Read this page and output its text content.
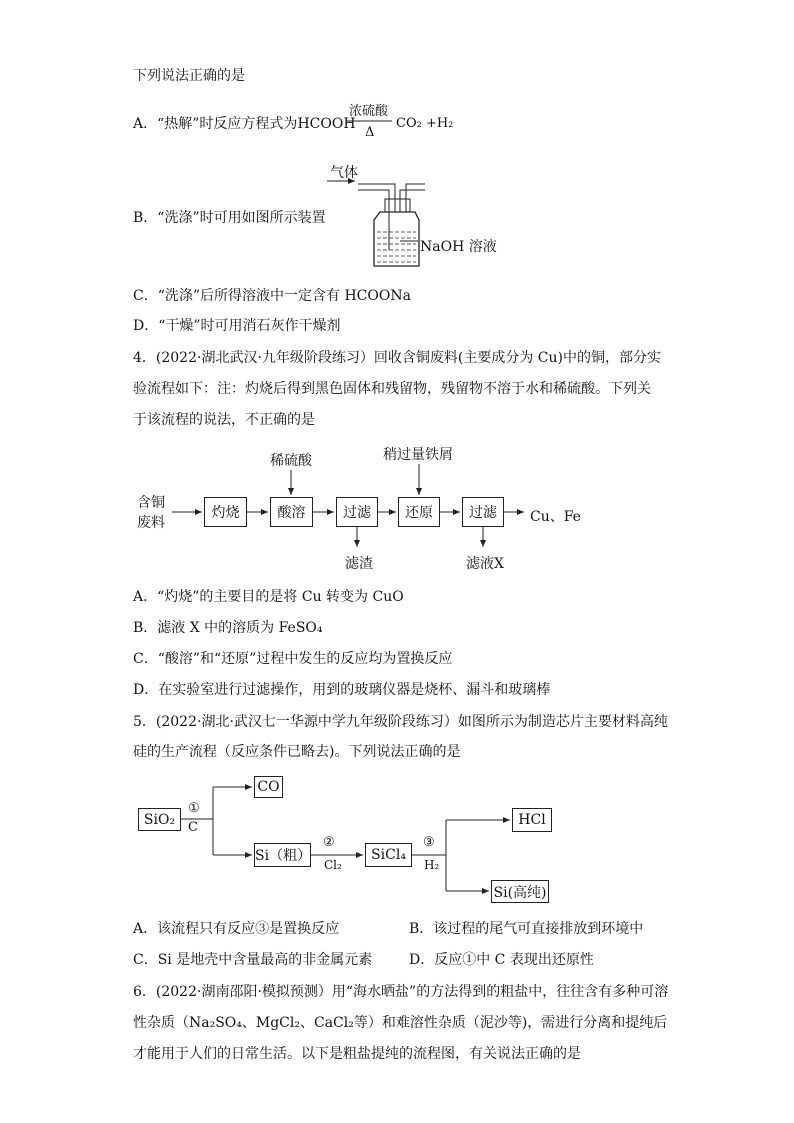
下列说法正确的是
A．“热解”时反应方程式为HCOOH
浓硫酸
Δ
CO₂ +H₂
B．“洗涤”时可用如图所示装置
气体
NaOH 溶液
C．“洗涤”后所得溶液中一定含有 HCOONa
D．“干燥”时可用消石灰作干燥剂
4．(2022·湖北武汉·九年级阶段练习）回收含铜废料(主要成分为 Cu)中的铜，部分实
验流程如下：注：灼烧后得到黑色固体和残留物，残留物不溶于水和稀硫酸。下列关
于该流程的说法，不正确的是
含铜
废料
灼烧	酸溶	过滤	还原	过滤
稀硫酸	稍过量铁屑
滤渣	滤液X
Cu、Fe
A．“灼烧”的主要目的是将 Cu 转变为 CuO
B．滤液 X 中的溶质为 FeSO₄
C．“酸溶”和“还原”过程中发生的反应均为置换反应
D．在实验室进行过滤操作，用到的玻璃仪器是烧杯、漏斗和玻璃棒
5．(2022·湖北·武汉七一华源中学九年级阶段练习）如图所示为制造芯片主要材料高纯
硅的生产流程（反应条件已略去)。下列说法正确的是
SiO₂
CO
Si（粗）	SiCl₄
HCl
Si(高纯)
①
C
②
Cl₂
③
H₂
A．该流程只有反应③是置换反应	B．该过程的尾气可直接排放到环境中
C．Si 是地壳中含量最高的非金属元素	D．反应①中 C 表现出还原性
6．(2022·湖南邵阳·模拟预测）用“海水晒盐”的方法得到的粗盐中，往往含有多种可溶
性杂质（Na₂SO₄、MgCl₂、CaCl₂等）和难溶性杂质（泥沙等)，需进行分离和提纯后
才能用于人们的日常生活。以下是粗盐提纯的流程图，有关说法正确的是
